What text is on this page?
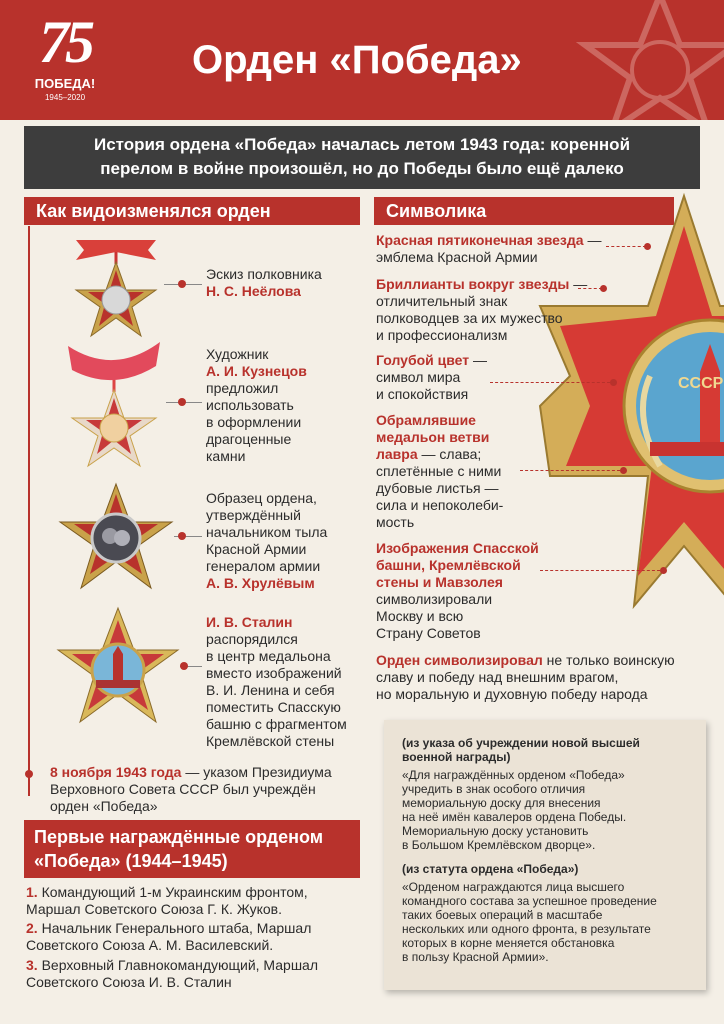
75
ПОБЕДА!
1945–2020
Орден «Победа»
История ордена «Победа» началась летом 1943 года: коренной
перелом в войне произошёл, но до Победы было ещё далеко
Как видоизменялся орден
Эскиз полковника
Н. С. Неёлова
Художник
А. И. Кузнецов
предложил
использовать
в оформлении
драгоценные
камни
Образец ордена,
утверждённый
начальником тыла
Красной Армии
генералом армии
А. В. Хрулёвым
И. В. Сталин
распорядился
в центр медальона
вместо изображений
В. И. Ленина и себя
поместить Спасскую
башню с фрагментом
Кремлёвской стены
8 ноября 1943 года — указом Президиума
Верховного Совета СССР был учреждён
орден «Победа»
Символика
СССР
Красная пятиконечная звезда —
эмблема Красной Армии
Бриллианты вокруг звезды —
отличительный знак
полководцев за их мужество
и профессионализм
Голубой цвет —
символ мира
и спокойствия
Обрамлявшие
медальон ветви
лавра — слава;
сплетённые с ними
дубовые листья —
сила и непоколеби-
мость
Изображения Спасской
башни, Кремлёвской
стены и Мавзолея
символизировали
Москву и всю
Страну Советов
Орден символизировал не только воинскую
славу и победу над внешним врагом,
но моральную и духовную победу народа
Первые награждённые орденом
«Победа» (1944–1945)
1. Командующий 1-м Украинским фронтом,
Маршал Советского Союза Г. К. Жуков.
2. Начальник Генерального штаба, Маршал
Советского Союза А. М. Василевский.
3. Верховный Главнокомандующий, Маршал
Советского Союза И. В. Сталин
(из указа об учреждении новой высшей
военной награды)
«Для награждённых орденом «Победа»
учредить в знак особого отличия
мемориальную доску для внесения
на неё имён кавалеров ордена Победы.
Мемориальную доску установить
в Большом Кремлёвском дворце».
(из статута ордена «Победа»)
«Орденом награждаются лица высшего
командного состава за успешное проведение
таких боевых операций в масштабе
нескольких или одного фронта, в результате
которых в корне меняется обстановка
в пользу Красной Армии».
